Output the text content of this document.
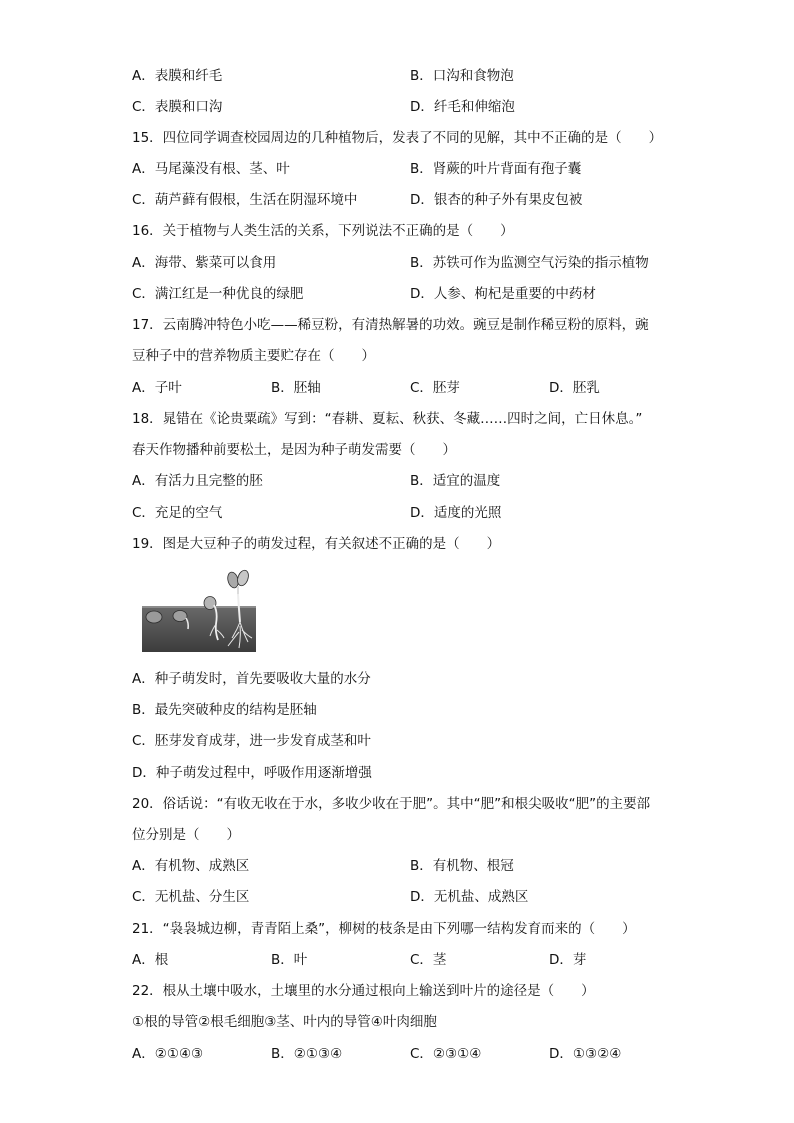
A．表膜和纤毛	B．口沟和食物泡
C．表膜和口沟	D．纤毛和伸缩泡
15．四位同学调查校园周边的几种植物后，发表了不同的见解，其中不正确的是（　　）
A．马尾藻没有根、茎、叶	B．肾蕨的叶片背面有孢子囊
C．葫芦藓有假根，生活在阴湿环境中	D．银杏的种子外有果皮包被
16．关于植物与人类生活的关系，下列说法不正确的是（　　）
A．海带、紫菜可以食用	B．苏铁可作为监测空气污染的指示植物
C．满江红是一种优良的绿肥	D．人参、枸杞是重要的中药材
17．云南腾冲特色小吃——稀豆粉，有清热解暑的功效。豌豆是制作稀豆粉的原料，豌
豆种子中的营养物质主要贮存在（　　）
A．子叶	B．胚轴	C．胚芽	D．胚乳
18．晁错在《论贵粟疏》写到：“春耕、夏耘、秋获、冬藏……四时之间，亡日休息。”
春天作物播种前要松土，是因为种子萌发需要（　　）
A．有活力且完整的胚	B．适宜的温度
C．充足的空气	D．适度的光照
19．图是大豆种子的萌发过程，有关叙述不正确的是（　　）
A．种子萌发时，首先要吸收大量的水分
B．最先突破种皮的结构是胚轴
C．胚芽发育成芽，进一步发育成茎和叶
D．种子萌发过程中，呼吸作用逐渐增强
20．俗话说：“有收无收在于水，多收少收在于肥”。其中“肥”和根尖吸收“肥”的主要部
位分别是（　　）
A．有机物、成熟区	B．有机物、根冠
C．无机盐、分生区	D．无机盐、成熟区
21．“袅袅城边柳，青青陌上桑”，柳树的枝条是由下列哪一结构发育而来的（　　）
A．根	B．叶	C．茎	D．芽
22．根从土壤中吸水，土壤里的水分通过根向上输送到叶片的途径是（　　）
①根的导管②根毛细胞③茎、叶内的导管④叶肉细胞
A．②①④③	B．②①③④	C．②③①④	D．①③②④
